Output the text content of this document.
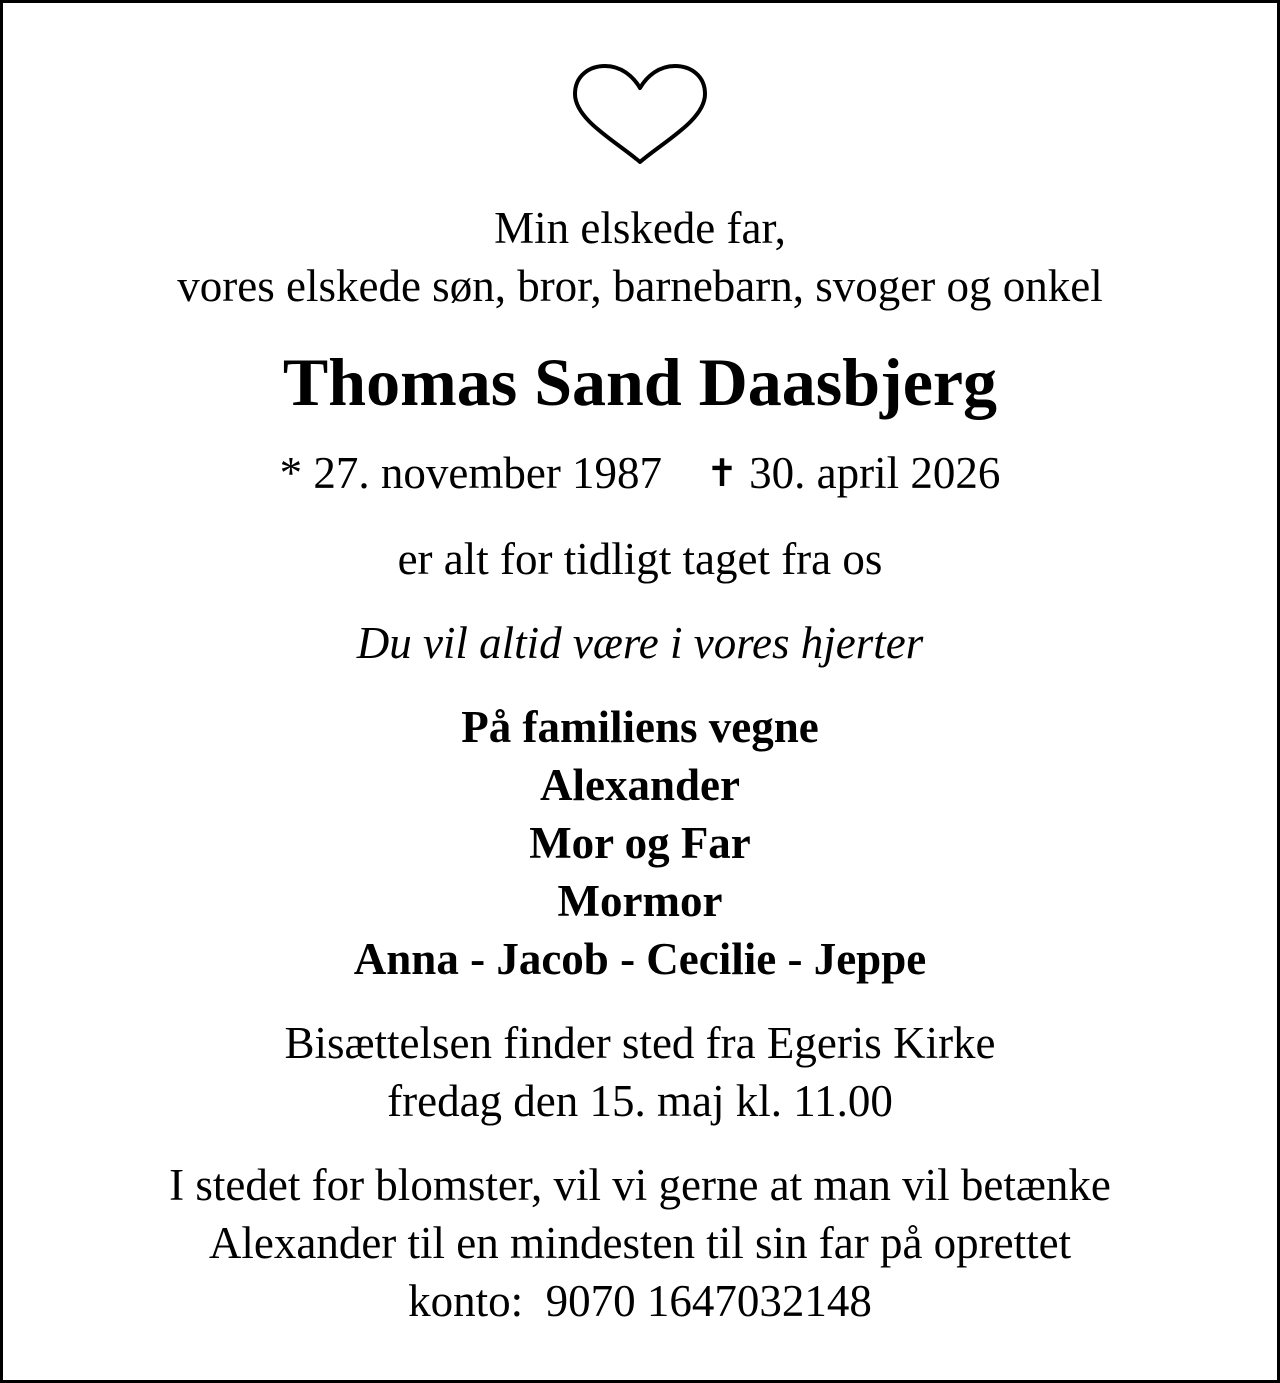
Min elskede far,

vores elskede søn, bror, barnebarn, svoger og onkel

Thomas Sand Daasbjerg

* 27. november 1987 ✝ 30. april 2026

er alt for tidligt taget fra os

Du vil altid være i vores hjerter

På familiens vegne

Alexander

Mor og Far

Mormor

Anna - Jacob - Cecilie - Jeppe

Bisættelsen finder sted fra Egeris Kirke

fredag den 15. maj kl. 11.00

I stedet for blomster, vil vi gerne at man vil betænke

Alexander til en mindesten til sin far på oprettet

konto:  9070 1647032148
